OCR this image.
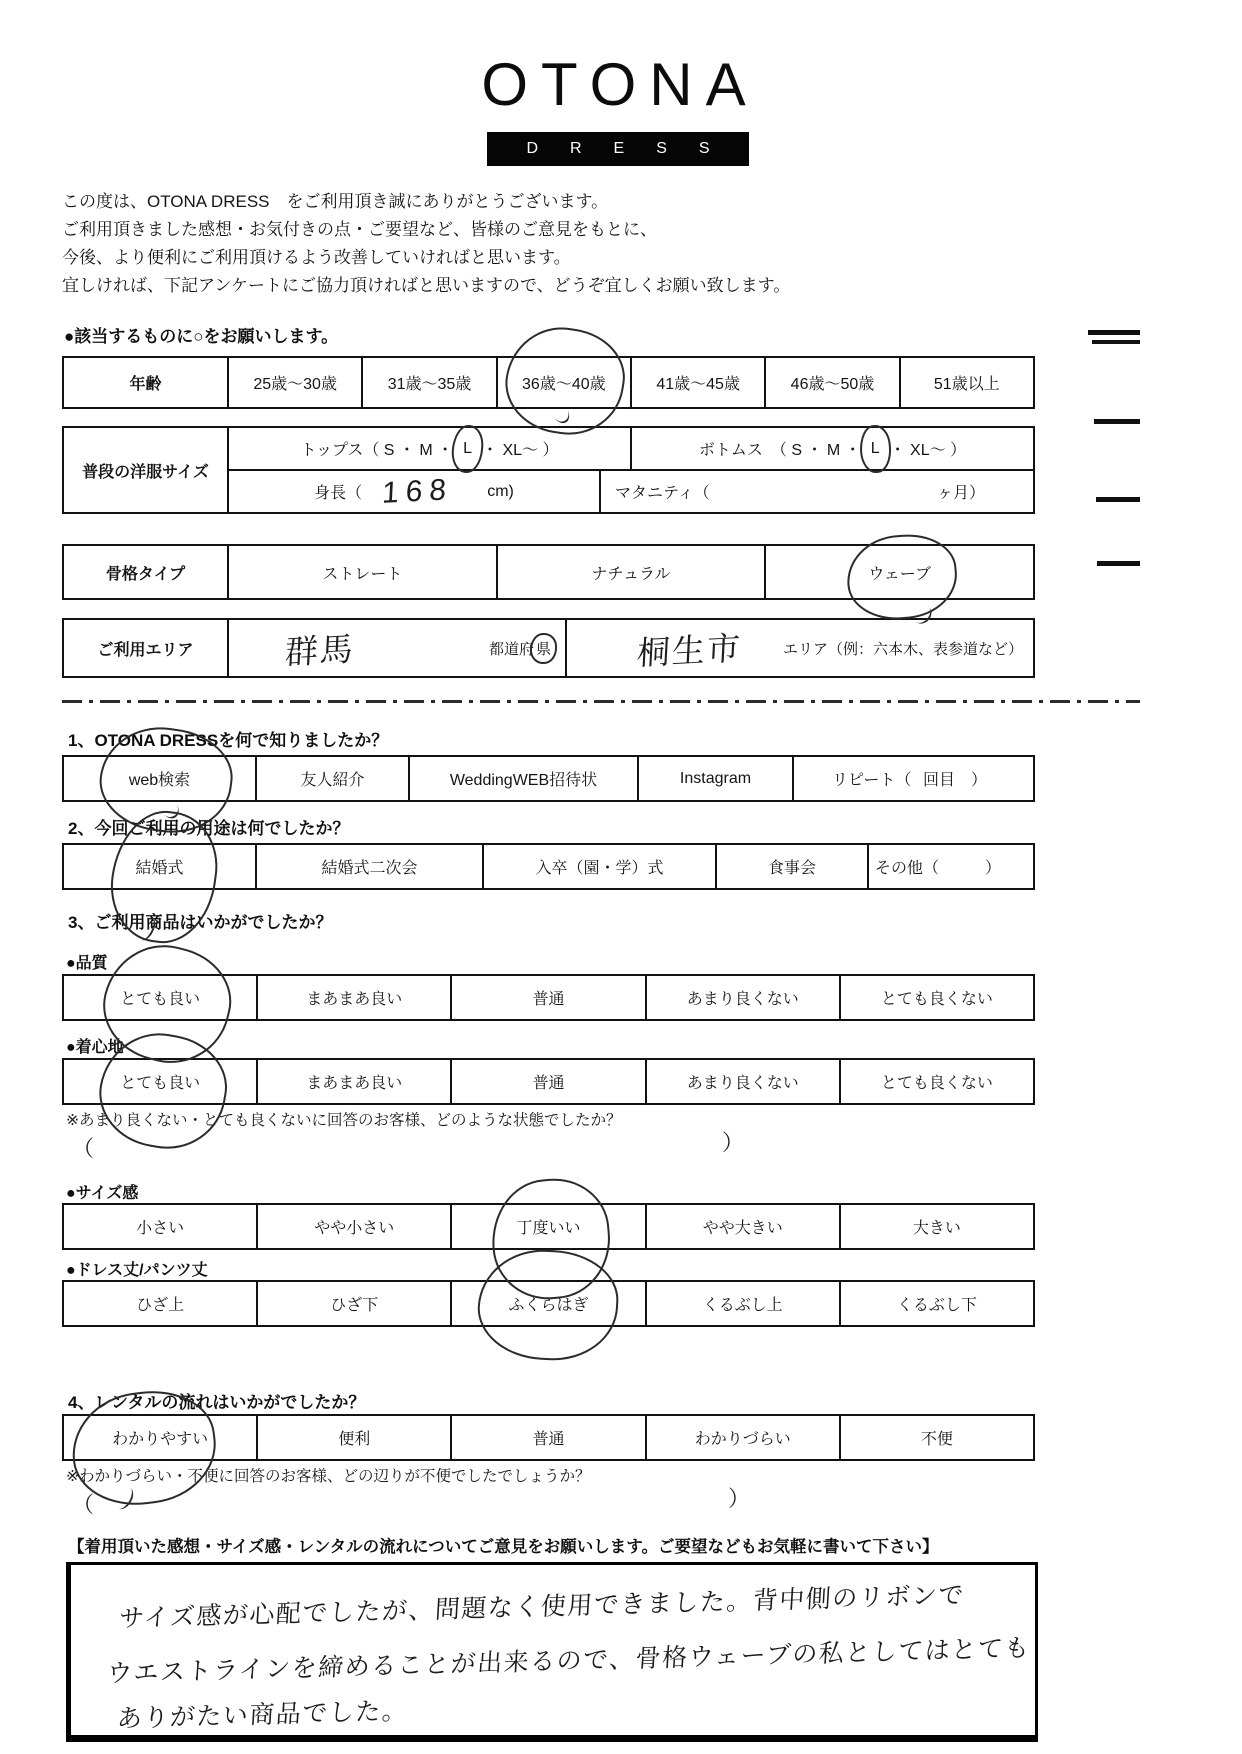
OTONA
DRESS
この度は、OTONA DRESS　をご利用頂き誠にありがとうございます。
ご利用頂きました感想・お気付きの点・ご要望など、皆様のご意見をもとに、
今後、より便利にご利用頂けるよう改善していければと思います。
宜しければ、下記アンケートにご協力頂ければと思いますので、どうぞ宜しくお願い致します。
●該当するものに○をお願いします。
年齢	25歳～30歳	31歳～35歳	36歳～40歳	41歳～45歳	46歳～50歳	51歳以上
普段の洋服サイズ
トップス（ S ・ M ・ L ・ XL～ ）	ボトムス　（ S ・ M ・ L ・ XL～ ）
身長（ 168 cm)	マタニティ（	ヶ月）
骨格タイプ	ストレート	ナチュラル	ウェーブ
ご利用エリア	群馬	都道府 県	桐生市	エリア（例：六本木、表参道など）
1、OTONA DRESSを何で知りましたか？
web検索	友人紹介	WeddingWEB招待状	Instagram	リピート（ 回目　）
2、今回ご利用の用途は何でしたか？
結婚式	結婚式二次会	入卒（園・学）式	食事会	その他（	）
3、ご利用商品はいかがでしたか？
●品質
とても良い	まあまあ良い	普通	あまり良くない	とても良くない
●着心地
とても良い	まあまあ良い	普通	あまり良くない	とても良くない
※あまり良くない・とても良くないに回答のお客様、どのような状態でしたか？
（	）
●サイズ感
小さい	やや小さい	丁度いい	やや大きい	大きい
●ドレス丈/パンツ丈
ひざ上	ひざ下	ふくらはぎ	くるぶし上	くるぶし下
4、レンタルの流れはいかがでしたか？
わかりやすい	便利	普通	わかりづらい	不便
※わかりづらい・不便に回答のお客様、どの辺りが不便でしたでしょうか？
（	）
【着用頂いた感想・サイズ感・レンタルの流れについてご意見をお願いします。ご要望などもお気軽に書いて下さい】
サイズ感が心配でしたが、問題なく使用できました。背中側のリボンで
ウエストラインを締めることが出来るので、骨格ウェーブの私としてはとても
ありがたい商品でした。
